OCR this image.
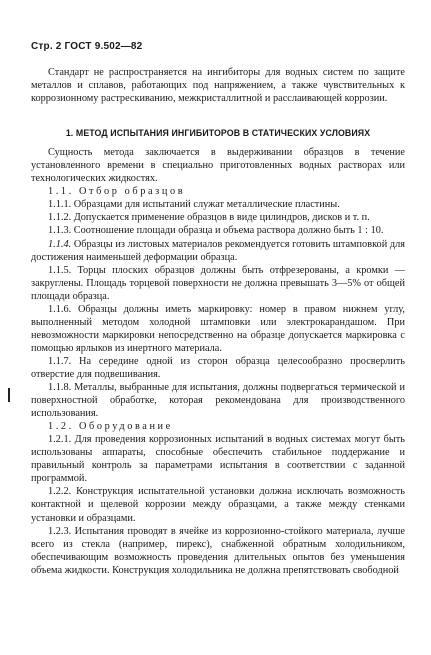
Стр. 2 ГОСТ 9.502—82

Стандарт не распространяется на ингибиторы для водных систем по защите металлов и сплавов, работающих под напряжением, а также чувствительных к коррозионному растрескиванию, межкристаллитной и расслаивающей коррозии.

1. МЕТОД ИСПЫТАНИЯ ИНГИБИТОРОВ В СТАТИЧЕСКИХ УСЛОВИЯХ

Сущность метода заключается в выдерживании образцов в течение установленного времени в специально приготовленных водных растворах или технологических жидкостях.

1.1. Отбор образцов

1.1.1. Образцами для испытаний служат металлические пластины.

1.1.2. Допускается применение образцов в виде цилиндров, дисков и т. п.

1.1.3. Соотношение площади образца и объема раствора должно быть 1 : 10.

1.1.4. Образцы из листовых материалов рекомендуется готовить штамповкой для достижения наименьшей деформации образца.

1.1.5. Торцы плоских образцов должны быть отфрезерованы, а кромки — закруглены. Площадь торцевой поверхности не должна превышать 3—5% от общей площади образца.

1.1.6. Образцы должны иметь маркировку: номер в правом нижнем углу, выполненный методом холодной штамповки или электрокарандашом. При невозможности маркировки непосредственно на образце допускается маркировка с помощью ярлыков из инертного материала.

1.1.7. На середине одной из сторон образца целесообразно просверлить отверстие для подвешивания.

1.1.8. Металлы, выбранные для испытания, должны подвергаться термической и поверхностной обработке, которая рекомендована для производственного использования.

1.2. Оборудование

1.2.1. Для проведения коррозионных испытаний в водных системах могут быть использованы аппараты, способные обеспечить стабильное поддержание и правильный контроль за параметрами испытания в соответствии с заданной программой.

1.2.2. Конструкция испытательной установки должна исключать возможность контактной и щелевой коррозии между образцами, а также между стенками установки и образцами.

1.2.3. Испытания проводят в ячейке из коррозионно-стойкого материала, лучше всего из стекла (например, пирекс), снабженной обратным холодильником, обеспечивающим возможность проведения длительных опытов без уменьшения объема жидкости. Конструкция холодильника не должна препятствовать свободной
